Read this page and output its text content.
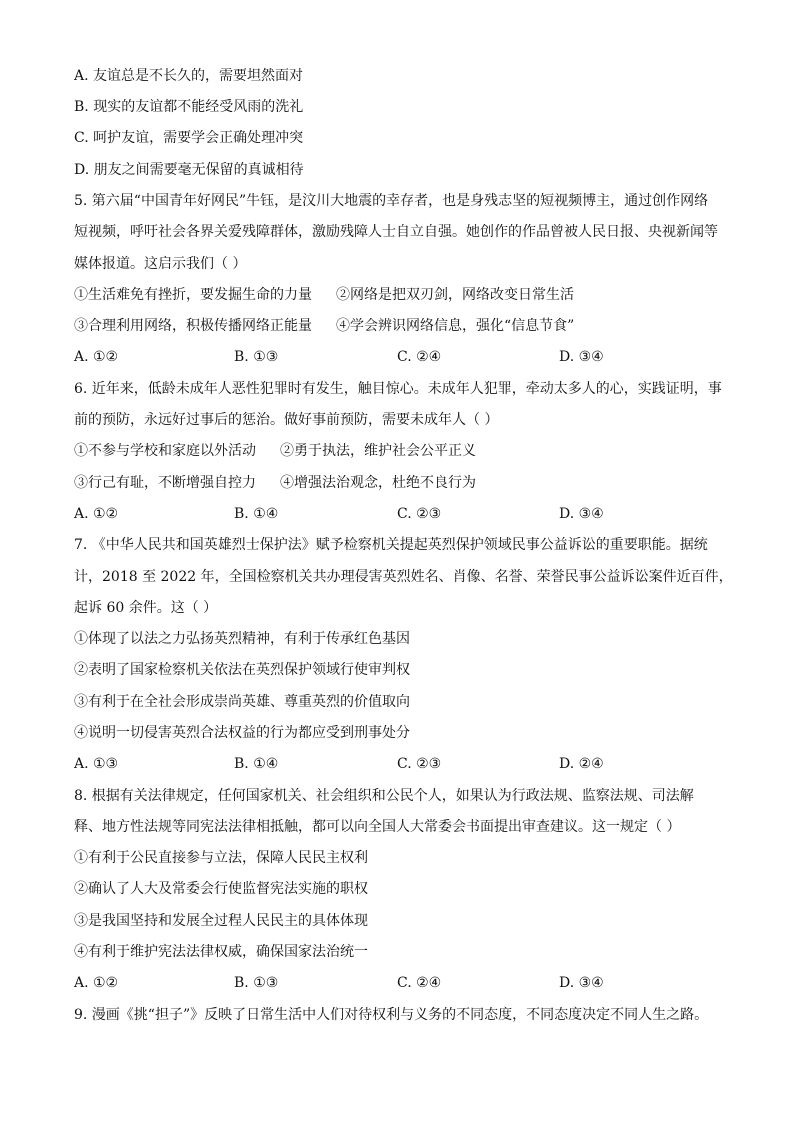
A. 友谊总是不长久的，需要坦然面对
B. 现实的友谊都不能经受风雨的洗礼
C. 呵护友谊，需要学会正确处理冲突
D. 朋友之间需要毫无保留的真诚相待
5. 第六届“中国青年好网民”牛钰，是汶川大地震的幸存者，也是身残志坚的短视频博主，通过创作网络
短视频，呼吁社会各界关爱残障群体，激励残障人士自立自强。她创作的作品曾被人民日报、央视新闻等
媒体报道。这启示我们（ ）
①生活难免有挫折，要发掘生命的力量 ②网络是把双刃剑，网络改变日常生活
③合理利用网络，积极传播网络正能量 ④学会辨识网络信息，强化“信息节食”
A. ①②	B. ①③	C. ②④	D. ③④
6. 近年来，低龄未成年人恶性犯罪时有发生，触目惊心。未成年人犯罪，牵动太多人的心，实践证明，事
前的预防，永远好过事后的惩治。做好事前预防，需要未成年人（ ）
①不参与学校和家庭以外活动 ②勇于执法，维护社会公平正义
③行己有耻，不断增强自控力 ④增强法治观念，杜绝不良行为
A. ①②	B. ①④	C. ②③	D. ③④
7. 《中华人民共和国英雄烈士保护法》赋予检察机关提起英烈保护领域民事公益诉讼的重要职能。据统
计，2018 至 2022 年，全国检察机关共办理侵害英烈姓名、肖像、名誉、荣誉民事公益诉讼案件近百件，
起诉 60 余件。这（ ）
①体现了以法之力弘扬英烈精神，有利于传承红色基因
②表明了国家检察机关依法在英烈保护领域行使审判权
③有利于在全社会形成崇尚英雄、尊重英烈的价值取向
④说明一切侵害英烈合法权益的行为都应受到刑事处分
A. ①③	B. ①④	C. ②③	D. ②④
8. 根据有关法律规定，任何国家机关、社会组织和公民个人，如果认为行政法规、监察法规、司法解
释、地方性法规等同宪法法律相抵触，都可以向全国人大常委会书面提出审查建议。这一规定（ ）
①有利于公民直接参与立法，保障人民民主权利
②确认了人大及常委会行使监督宪法实施的职权
③是我国坚持和发展全过程人民民主的具体体现
④有利于维护宪法法律权威，确保国家法治统一
A. ①②	B. ①③	C. ②④	D. ③④
9. 漫画《挑“担子”》反映了日常生活中人们对待权利与义务的不同态度，不同态度决定不同人生之路。
